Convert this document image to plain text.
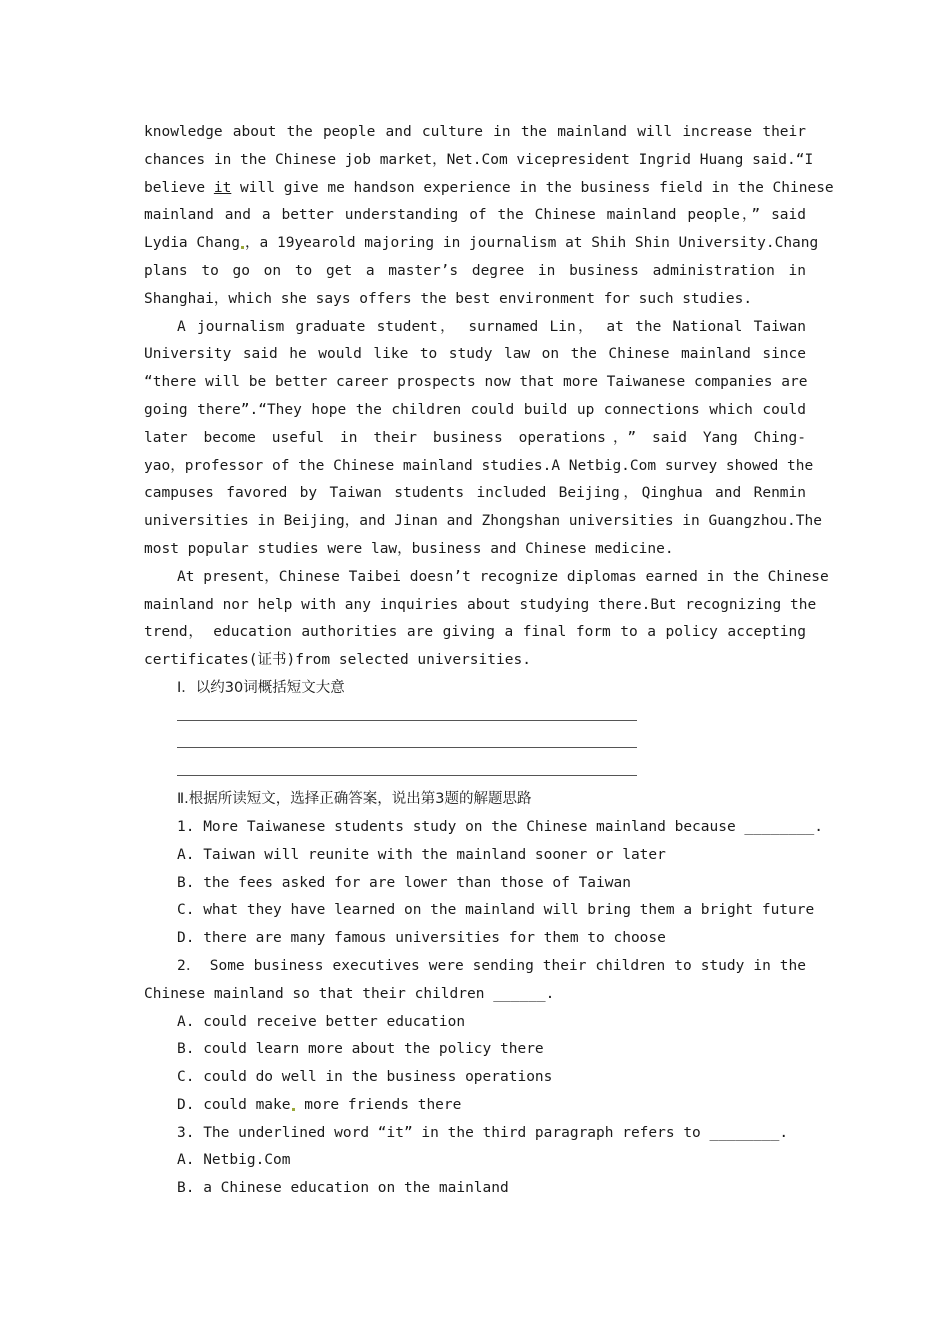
knowledge about the people and culture in the mainland will increase their
chances in the Chinese job market，Net.Com vicepresident Ingrid Huang said.“I
believe it will give me handson experience in the business field in the Chinese
mainland and a better understanding of the Chinese mainland people，” said
Lydia Chang ，a 19yearold majoring in journalism at Shih Shin University.Chang
plans to go on to get a master’s degree in business administration in
Shanghai，which she says offers the best environment for such studies.
A journalism graduate student， surnamed Lin， at the National Taiwan
University said he would like to study law on the Chinese mainland since
“there will be better career prospects now that more Taiwanese companies are
going there”.“They hope the children could build up connections which could
later become useful in their business operations，” said Yang Ching-
yao，professor of the Chinese mainland studies.A Netbig.Com survey showed the
campuses favored by Taiwan students included Beijing，Qinghua and Renmin
universities in Beijing，and Jinan and Zhongshan universities in Guangzhou.The
most popular studies were law，business and Chinese medicine.
At present，Chinese Taibei doesn’t recognize diplomas earned in the Chinese
mainland nor help with any inquiries about studying there.But recognizing the
trend， education authorities are giving a final form to a policy accepting
certificates(证书)from selected universities.
Ⅰ．以约30词概括短文大意
Ⅱ.根据所读短文，选择正确答案，说出第3题的解题思路
1. More Taiwanese students study on the Chinese mainland because ________.
A. Taiwan will reunite with the mainland sooner or later
B. the fees asked for are lower than those of Taiwan
C. what they have learned on the mainland will bring them a bright future
D. there are many famous universities for them to choose
2． Some business executives were sending their children to study in the
Chinese mainland so that their children ______.
A. could receive better education
B. could learn more about the policy there
C. could do well in the business operations
D. could make more friends there
3. The underlined word “it” in the third paragraph refers to ________.
A. Netbig.Com
B. a Chinese education on the mainland
